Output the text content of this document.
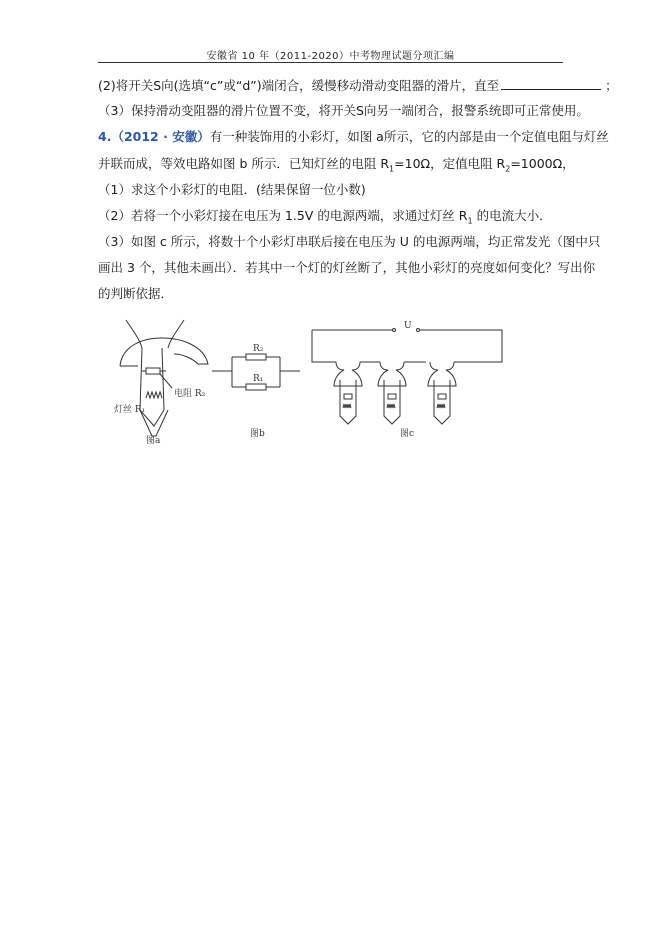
安徽省 10 年（2011-2020）中考物理试题分项汇编
(2)将开关S向(选填“c”或“d”)端闭合，缓慢移动滑动变阻器的滑片，直至	；
（3）保持滑动变阻器的滑片位置不变，将开关S向另一端闭合，报警系统即可正常使用。
4.（2012 · 安徽）有一种装饰用的小彩灯，如图 a所示，它的内部是由一个定值电阻与灯丝
并联而成，等效电路如图 b 所示．已知灯丝的电阻 $R_1=10\Omega$，定值电阻 $R_2=1000\Omega$，
（1）求这个小彩灯的电阻．(结果保留一位小数)
（2）若将一个小彩灯接在电压为 1.5V 的电源两端，求通过灯丝 $R_1$ 的电流大小．
（3）如图 c 所示，将数十个小彩灯串联后接在电压为 U 的电源两端，均正常发光（图中只
画出 3 个，其他未画出）．若其中一个灯的灯丝断了，其他小彩灯的亮度如何变化？写出你
的判断依据．
电阻 R₂
灯丝 R₁
图a
R₂
R₁
图b
U
图c
